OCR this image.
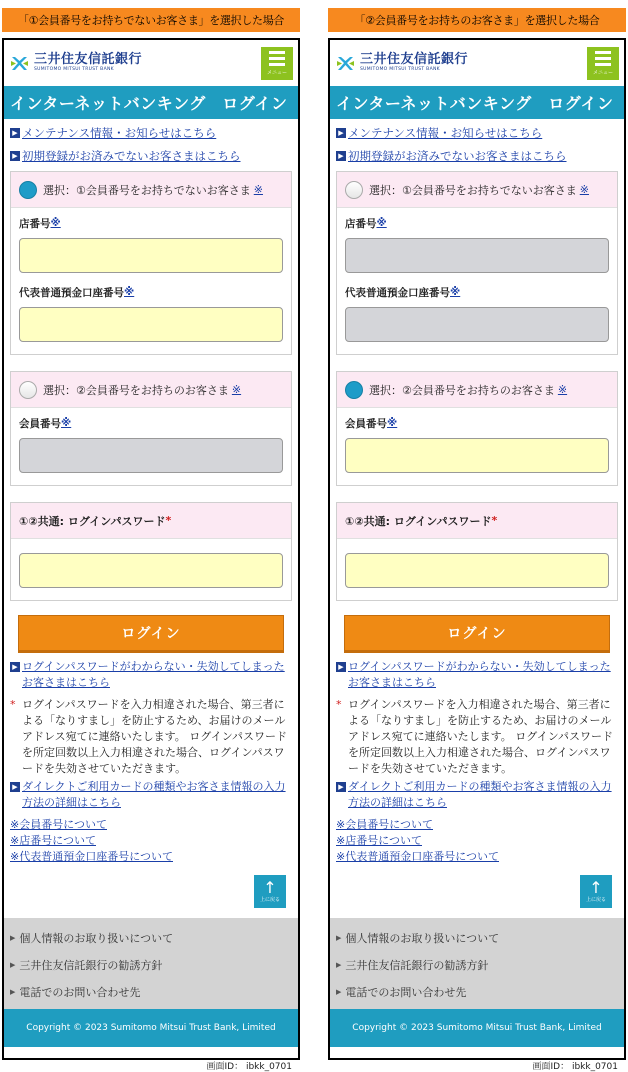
「①会員番号をお持ちでないお客さま」を選択した場合
三井住友信託銀行
SUMITOMO MITSUI TRUST BANK	メニュー
インターネットバンキング　ログイン
▶ メンテナンス情報・お知らせはこちら
▶ 初期登録がお済みでないお客さまはこちら
選択：①会員番号をお持ちでないお客さま ※
店番号 ※
代表普通預金口座番号 ※
選択：②会員番号をお持ちのお客さま ※
会員番号 ※
①②共通: ログインパスワード *
ログイン
▶ ログインパスワードがわからない・失効してしまったお客さまはこちら
* ログインパスワードを入力相違された場合、第三者による「なりすまし」を防止するため、お届けのメールアドレス宛てに連絡いたします。 ログインパスワードを所定回数以上入力相違された場合、ログインパスワードを失効させていただきます。
▶ ダイレクトご利用カードの種類やお客さま情報の入力方法の詳細はこちら
※会員番号について
※店番号について
※代表普通預金口座番号について
↑
上に戻る
▶ 個人情報のお取り扱いについて
▶ 三井住友信託銀行の勧誘方針
▶ 電話でのお問い合わせ先
Copyright © 2023 Sumitomo Mitsui Trust Bank, Limited
画面ID： ibkk_0701
「②会員番号をお持ちのお客さま」を選択した場合
三井住友信託銀行
SUMITOMO MITSUI TRUST BANK	メニュー
インターネットバンキング　ログイン
▶ メンテナンス情報・お知らせはこちら
▶ 初期登録がお済みでないお客さまはこちら
選択：①会員番号をお持ちでないお客さま ※
店番号 ※
代表普通預金口座番号 ※
選択：②会員番号をお持ちのお客さま ※
会員番号 ※
①②共通: ログインパスワード *
ログイン
▶ ログインパスワードがわからない・失効してしまったお客さまはこちら
* ログインパスワードを入力相違された場合、第三者による「なりすまし」を防止するため、お届けのメールアドレス宛てに連絡いたします。 ログインパスワードを所定回数以上入力相違された場合、ログインパスワードを失効させていただきます。
▶ ダイレクトご利用カードの種類やお客さま情報の入力方法の詳細はこちら
※会員番号について
※店番号について
※代表普通預金口座番号について
↑
上に戻る
▶ 個人情報のお取り扱いについて
▶ 三井住友信託銀行の勧誘方針
▶ 電話でのお問い合わせ先
Copyright © 2023 Sumitomo Mitsui Trust Bank, Limited
画面ID： ibkk_0701
